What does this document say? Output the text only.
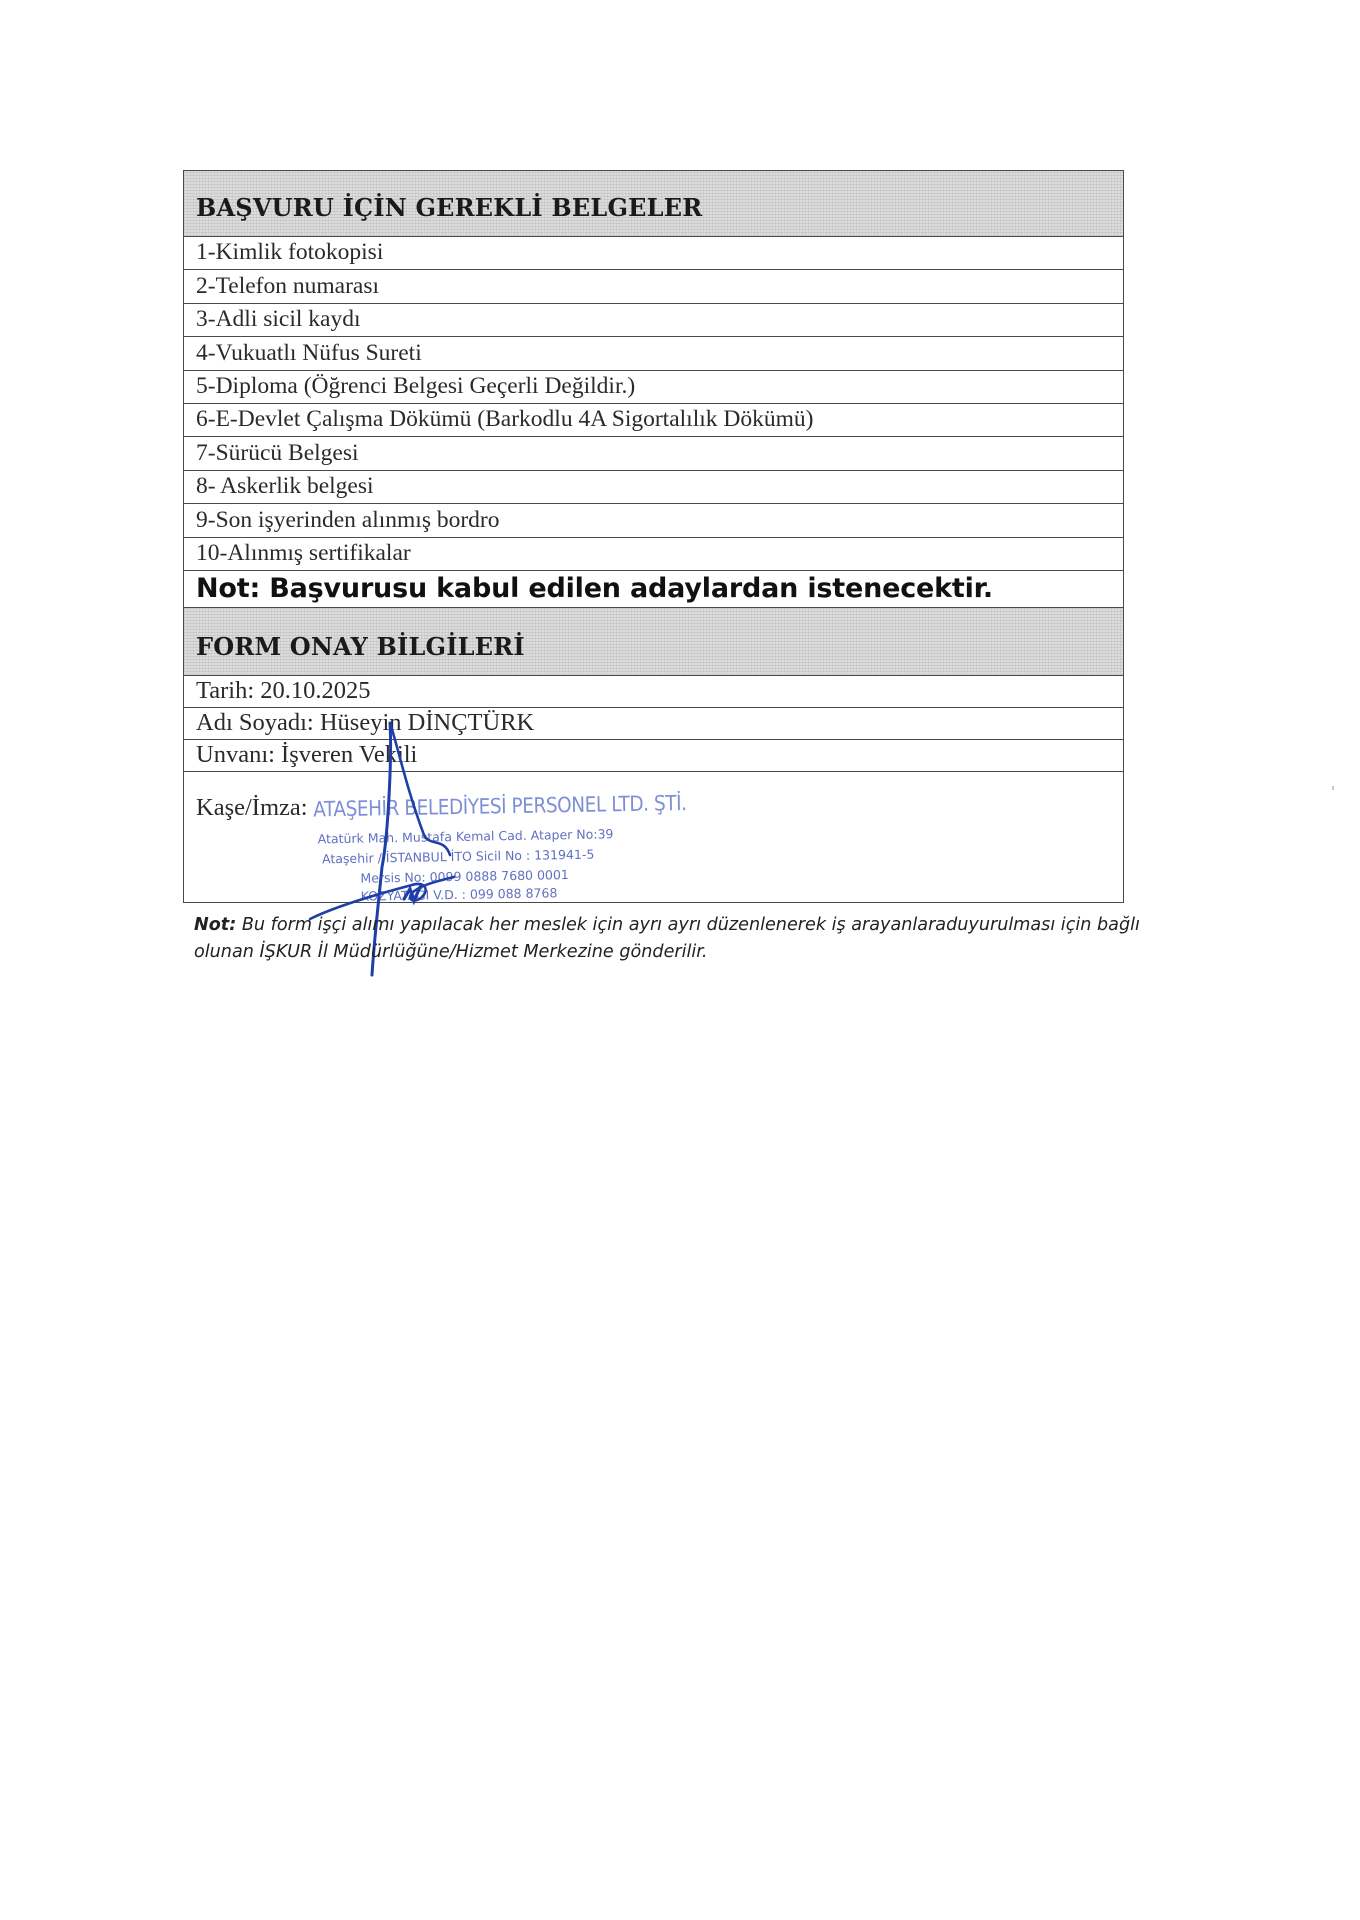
BAŞVURU İÇİN GEREKLİ BELGELER
1-Kimlik fotokopisi
2-Telefon numarası
3-Adli sicil kaydı
4-Vukuatlı Nüfus Sureti
5-Diploma (Öğrenci Belgesi Geçerli Değildir.)
6-E-Devlet Çalışma Dökümü (Barkodlu 4A Sigortalılık Dökümü)
7-Sürücü Belgesi
8- Askerlik belgesi
9-Son işyerinden alınmış bordro
10-Alınmış sertifikalar
Not: Başvurusu kabul edilen adaylardan istenecektir.
FORM ONAY BİLGİLERİ
Tarih: 20.10.2025
Adı Soyadı: Hüseyin DİNÇTÜRK
Unvanı: İşveren Vekili
Kaşe/İmza: ATAŞEHİR BELEDİYESİ PERSONEL LTD. ŞTİ.
Atatürk Mah. Mustafa Kemal Cad. Ataper No:39
Ataşehir / İSTANBUL İTO Sicil No : 131941-5
Mersis No: 0099 0888 7680 0001
KOZYATAĞI V.D. : 099 088 8768
Not: Bu form işçi alımı yapılacak her meslek için ayrı ayrı düzenlenerek iş arayanlaraduyurulması için bağlı olunan İŞKUR İl Müdürlüğüne/Hizmet Merkezine gönderilir.
